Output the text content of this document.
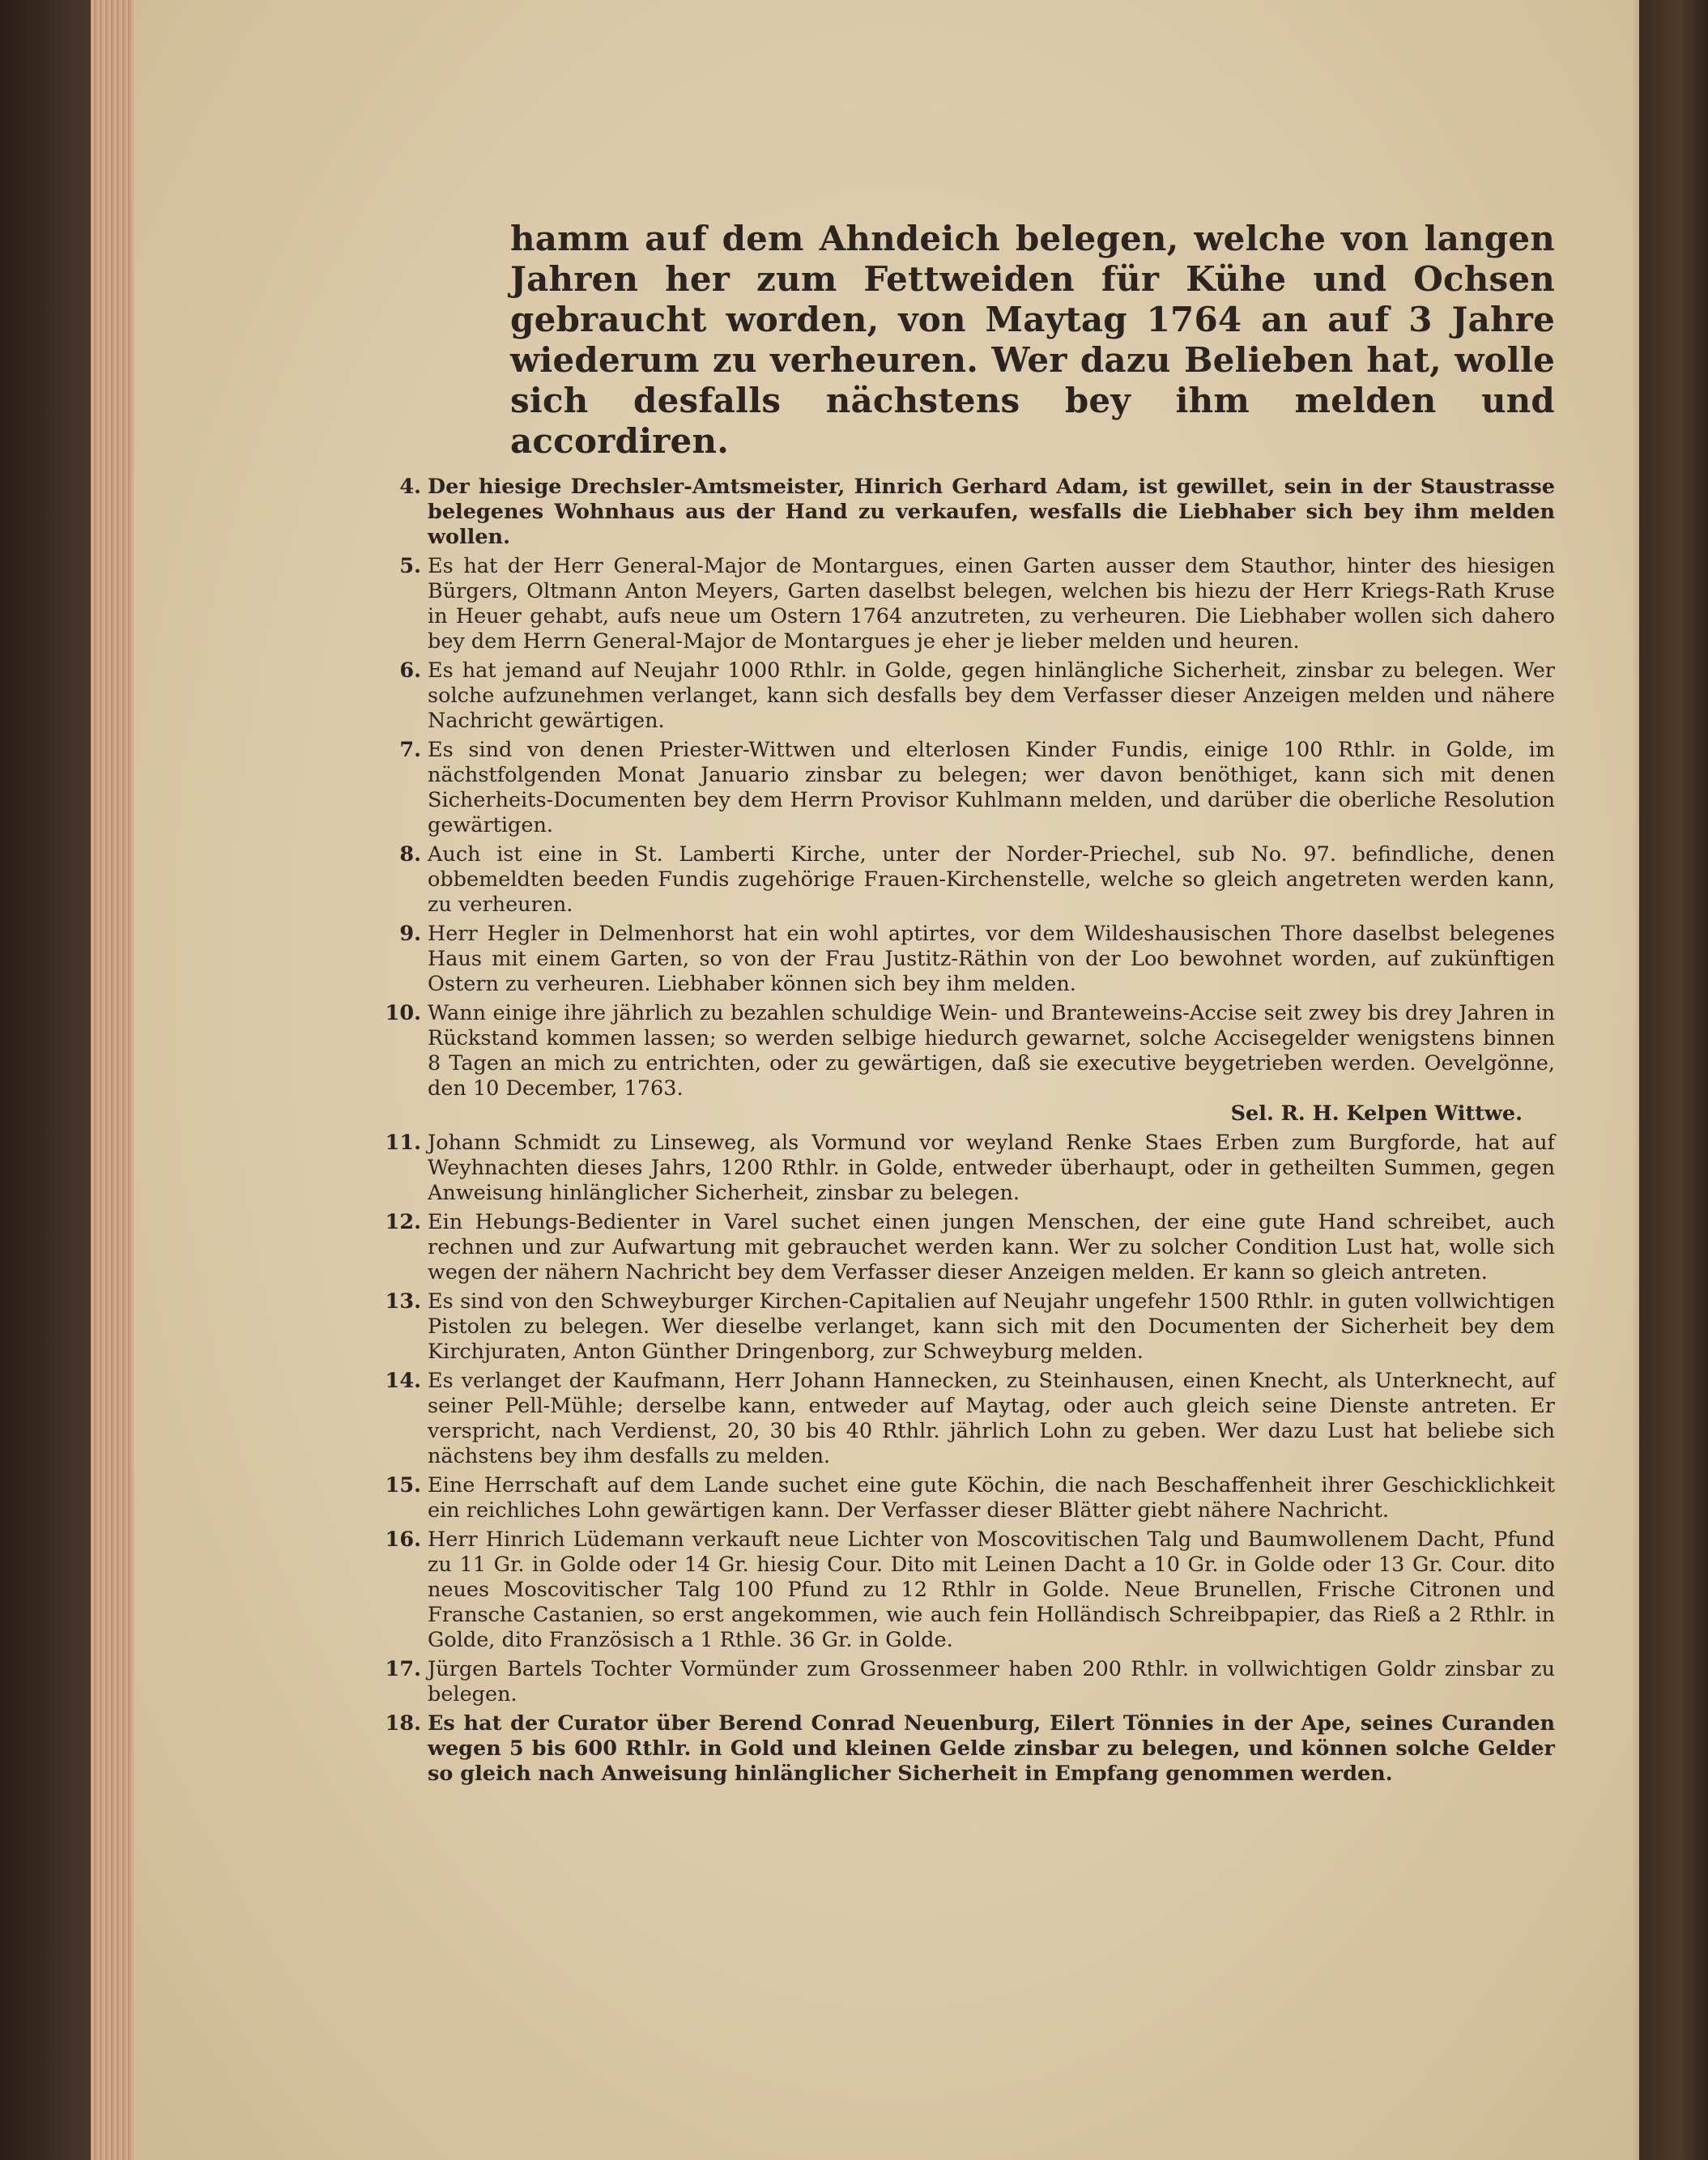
hamm auf dem Ahndeich belegen, welche von langen Jahren her zum Fettweiden für Kühe und Ochsen gebraucht worden, von Maytag 1764 an auf 3 Jahre wiederum zu verheuren. Wer dazu Belieben hat, wolle sich desfalls nächstens bey ihm melden und accordiren.

4. Der hiesige Drechsler-Amtsmeister, Hinrich Gerhard Adam, ist gewillet, sein in der Staustrasse belegenes Wohnhaus aus der Hand zu verkaufen, wesfalls die Liebhaber sich bey ihm melden wollen.
5. Es hat der Herr General-Major de Montargues, einen Garten ausser dem Stauthor, hinter des hiesigen Bürgers, Oltmann Anton Meyers, Garten daselbst belegen, welchen bis hiezu der Herr Kriegs-Rath Kruse in Heuer gehabt, aufs neue um Ostern 1764 anzutreten, zu verheuren. Die Liebhaber wollen sich dahero bey dem Herrn General-Major de Montargues je eher je lieber melden und heuren.
6. Es hat jemand auf Neujahr 1000 Rthlr. in Golde, gegen hinlängliche Sicherheit, zinsbar zu belegen. Wer solche aufzunehmen verlanget, kann sich desfalls bey dem Verfasser dieser Anzeigen melden und nähere Nachricht gewärtigen.
7. Es sind von denen Priester-Wittwen und elterlosen Kinder Fundis, einige 100 Rthlr. in Golde, im nächstfolgenden Monat Januario zinsbar zu belegen; wer davon benöthiget, kann sich mit denen Sicherheits-Documenten bey dem Herrn Provisor Kuhlmann melden, und darüber die oberliche Resolution gewärtigen.
8. Auch ist eine in St. Lamberti Kirche, unter der Norder-Priechel, sub No. 97. befindliche, denen obbemeldten beeden Fundis zugehörige Frauen-Kirchenstelle, welche so gleich angetreten werden kann, zu verheuren.
9. Herr Hegler in Delmenhorst hat ein wohl aptirtes, vor dem Wildeshausischen Thore daselbst belegenes Haus mit einem Garten, so von der Frau Justitz-Räthin von der Loo bewohnet worden, auf zukünftigen Ostern zu verheuren. Liebhaber können sich bey ihm melden.
10. Wann einige ihre jährlich zu bezahlen schuldige Wein- und Branteweins-Accise seit zwey bis drey Jahren in Rückstand kommen lassen; so werden selbige hiedurch gewarnet, solche Accisegelder wenigstens binnen 8 Tagen an mich zu entrichten, oder zu gewärtigen, daß sie executive beygetrieben werden. Oevelgönne, den 10 December, 1763.
Sel. R. H. Kelpen Wittwe.
11. Johann Schmidt zu Linseweg, als Vormund vor weyland Renke Staes Erben zum Burgforde, hat auf Weyhnachten dieses Jahrs, 1200 Rthlr. in Golde, entweder überhaupt, oder in getheilten Summen, gegen Anweisung hinlänglicher Sicherheit, zinsbar zu belegen.
12. Ein Hebungs-Bedienter in Varel suchet einen jungen Menschen, der eine gute Hand schreibet, auch rechnen und zur Aufwartung mit gebrauchet werden kann. Wer zu solcher Condition Lust hat, wolle sich wegen der nähern Nachricht bey dem Verfasser dieser Anzeigen melden. Er kann so gleich antreten.
13. Es sind von den Schweyburger Kirchen-Capitalien auf Neujahr ungefehr 1500 Rthlr. in guten vollwichtigen Pistolen zu belegen. Wer dieselbe verlanget, kann sich mit den Documenten der Sicherheit bey dem Kirchjuraten, Anton Günther Dringenborg, zur Schweyburg melden.
14. Es verlanget der Kaufmann, Herr Johann Hannecken, zu Steinhausen, einen Knecht, als Unterknecht, auf seiner Pell-Mühle; derselbe kann, entweder auf Maytag, oder auch gleich seine Dienste antreten. Er verspricht, nach Verdienst, 20, 30 bis 40 Rthlr. jährlich Lohn zu geben. Wer dazu Lust hat beliebe sich nächstens bey ihm desfalls zu melden.
15. Eine Herrschaft auf dem Lande suchet eine gute Köchin, die nach Beschaffenheit ihrer Geschicklichkeit ein reichliches Lohn gewärtigen kann. Der Verfasser dieser Blätter giebt nähere Nachricht.
16. Herr Hinrich Lüdemann verkauft neue Lichter von Moscovitischen Talg und Baumwollenem Dacht, Pfund zu 11 Gr. in Golde oder 14 Gr. hiesig Cour. Dito mit Leinen Dacht a 10 Gr. in Golde oder 13 Gr. Cour. dito neues Moscovitischer Talg 100 Pfund zu 12 Rthlr in Golde. Neue Brunellen, Frische Citronen und Fransche Castanien, so erst angekommen, wie auch fein Holländisch Schreibpapier, das Rieß a 2 Rthlr. in Golde, dito Französisch a 1 Rthle. 36 Gr. in Golde.
17. Jürgen Bartels Tochter Vormünder zum Grossenmeer haben 200 Rthlr. in vollwichtigen Goldr zinsbar zu belegen.
18. Es hat der Curator über Berend Conrad Neuenburg, Eilert Tönnies in der Ape, seines Curanden wegen 5 bis 600 Rthlr. in Gold und kleinen Gelde zinsbar zu belegen, und können solche Gelder so gleich nach Anweisung hinlänglicher Sicherheit in Empfang genommen werden.
